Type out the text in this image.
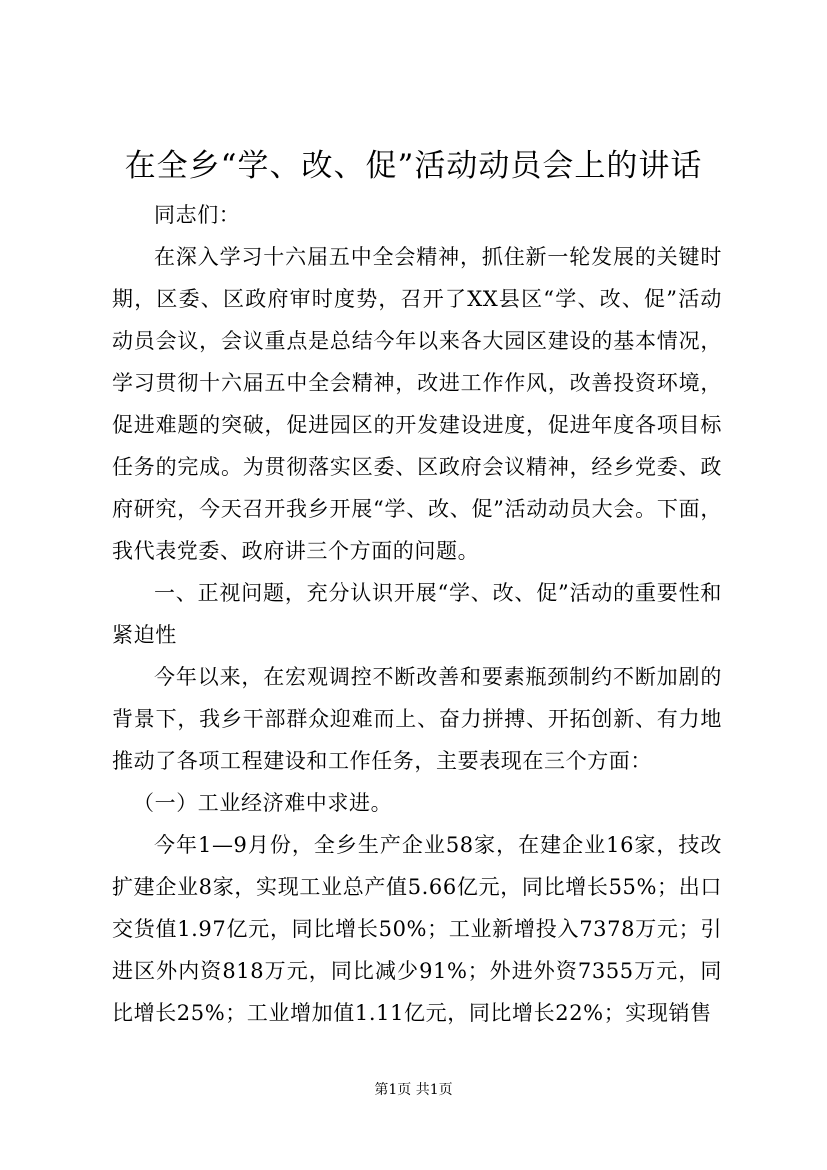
在全乡“学、改、促”活动动员会上的讲话

同志们：

在深入学习十六届五中全会精神，抓住新一轮发展的关键时期，区委、区政府审时度势，召开了XX县区“学、改、促”活动动员会议，会议重点是总结今年以来各大园区建设的基本情况，学习贯彻十六届五中全会精神，改进工作作风，改善投资环境，促进难题的突破，促进园区的开发建设进度，促进年度各项目标任务的完成。为贯彻落实区委、区政府会议精神，经乡党委、政府研究，今天召开我乡开展“学、改、促”活动动员大会。下面，我代表党委、政府讲三个方面的问题。

一、正视问题，充分认识开展“学、改、促”活动的重要性和紧迫性

今年以来，在宏观调控不断改善和要素瓶颈制约不断加剧的背景下，我乡干部群众迎难而上、奋力拼搏、开拓创新、有力地推动了各项工程建设和工作任务，主要表现在三个方面：

（一）工业经济难中求进。

今年1—9月份，全乡生产企业58家，在建企业16家，技改扩建企业8家，实现工业总产值5.66亿元，同比增长55%；出口交货值1.97亿元，同比增长50%；工业新增投入7378万元；引进区外内资818万元，同比减少91%；外进外资7355万元，同比增长25%；工业增加值1.11亿元，同比增长22%；实现销售

第1页 共1页
